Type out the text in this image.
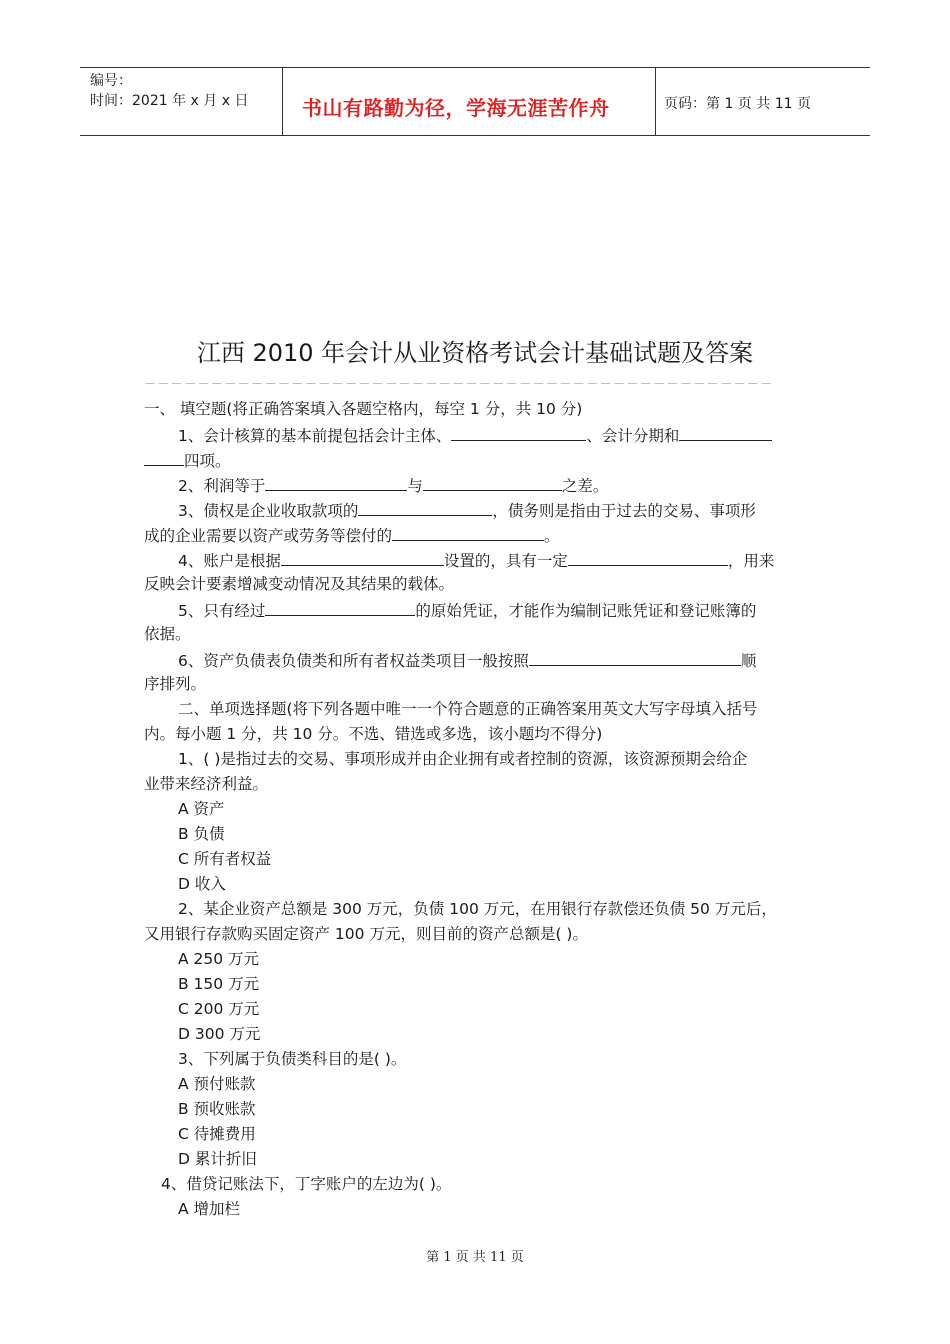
编号：
时间：2021 年 x 月 x 日	书山有路勤为径，学海无涯苦作舟	页码：第 1 页 共 11 页
江西 2010 年会计从业资格考试会计基础试题及答案
－－－－－－－－－－－－－－－－－－－－－－－－－－－－－－－－－－－－－－－－－－－－－－－
一、 填空题(将正确答案填入各题空格内，每空 1 分，共 10 分)
1、会计核算的基本前提包括会计主体、	、会计分期和
四项。
2、利润等于	与	之差。
3、债权是企业收取款项的	，债务则是指由于过去的交易、事项形
成的企业需要以资产或劳务等偿付的	。
4、账户是根据	设置的，具有一定	，用来
反映会计要素增减变动情况及其结果的载体。
5、只有经过	的原始凭证，才能作为编制记账凭证和登记账簿的
依据。
6、资产负债表负债类和所有者权益类项目一般按照	顺
序排列。
二、单项选择题(将下列各题中唯一一个符合题意的正确答案用英文大写字母填入括号
内。每小题 1 分，共 10 分。不选、错选或多选，该小题均不得分)
1、( )是指过去的交易、事项形成并由企业拥有或者控制的资源，该资源预期会给企
业带来经济利益。
A 资产
B 负债
C 所有者权益
D 收入
2、某企业资产总额是 300 万元，负债 100 万元，在用银行存款偿还负债 50 万元后，
又用银行存款购买固定资产 100 万元，则目前的资产总额是( )。
A 250 万元
B 150 万元
C 200 万元
D 300 万元
3、下列属于负债类科目的是( )。
A 预付账款
B 预收账款
C 待摊费用
D 累计折旧
4、借贷记账法下，丁字账户的左边为( )。
A 增加栏
第 1 页 共 11 页
